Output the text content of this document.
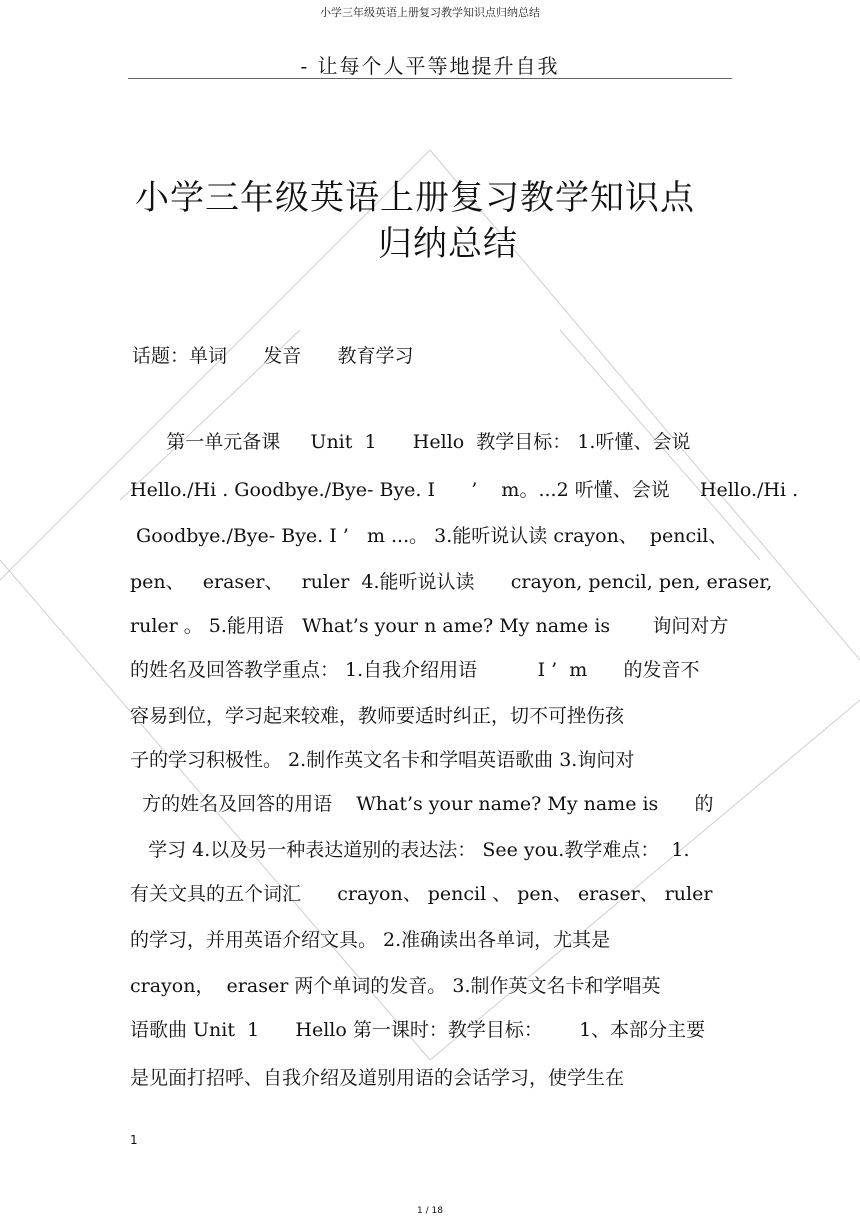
小学三年级英语上册复习教学知识点归纳总结
- 让每个人平等地提升自我
小学三年级英语上册复习教学知识点
归纳总结
话题：单词      发音      教育学习
第一单元备课     Unit  1      Hello  教学目标： 1.听懂、会说
Hello./Hi . Goodbye./Bye- Bye. I      ’    m。...2 听懂、会说     Hello./Hi .
Goodbye./Bye- Bye. I ’   m ...。 3.能听说认读 crayon、  pencil、
pen、   eraser、   ruler  4.能听说认读      crayon, pencil, pen, eraser,
ruler 。 5.能用语   What’s your n ame? My name is       询问对方
的姓名及回答教学重点： 1.自我介绍用语          I ’  m      的发音不
容易到位，学习起来较难，教师要适时纠正，切不可挫伤孩
子的学习积极性。 2.制作英文名卡和学唱英语歌曲 3.询问对
方的姓名及回答的用语    What’s your name? My name is      的
学习 4.以及另一种表达道别的表达法： See you.教学难点：  1.
有关文具的五个词汇      crayon、 pencil 、 pen、 eraser、 ruler
的学习，并用英语介绍文具。 2.准确读出各单词，尤其是
crayon，  eraser 两个单词的发音。 3.制作英文名卡和学唱英
语歌曲 Unit  1      Hello 第一课时：教学目标：      1、本部分主要
是见面打招呼、自我介绍及道别用语的会话学习，使学生在
1
1 / 18
